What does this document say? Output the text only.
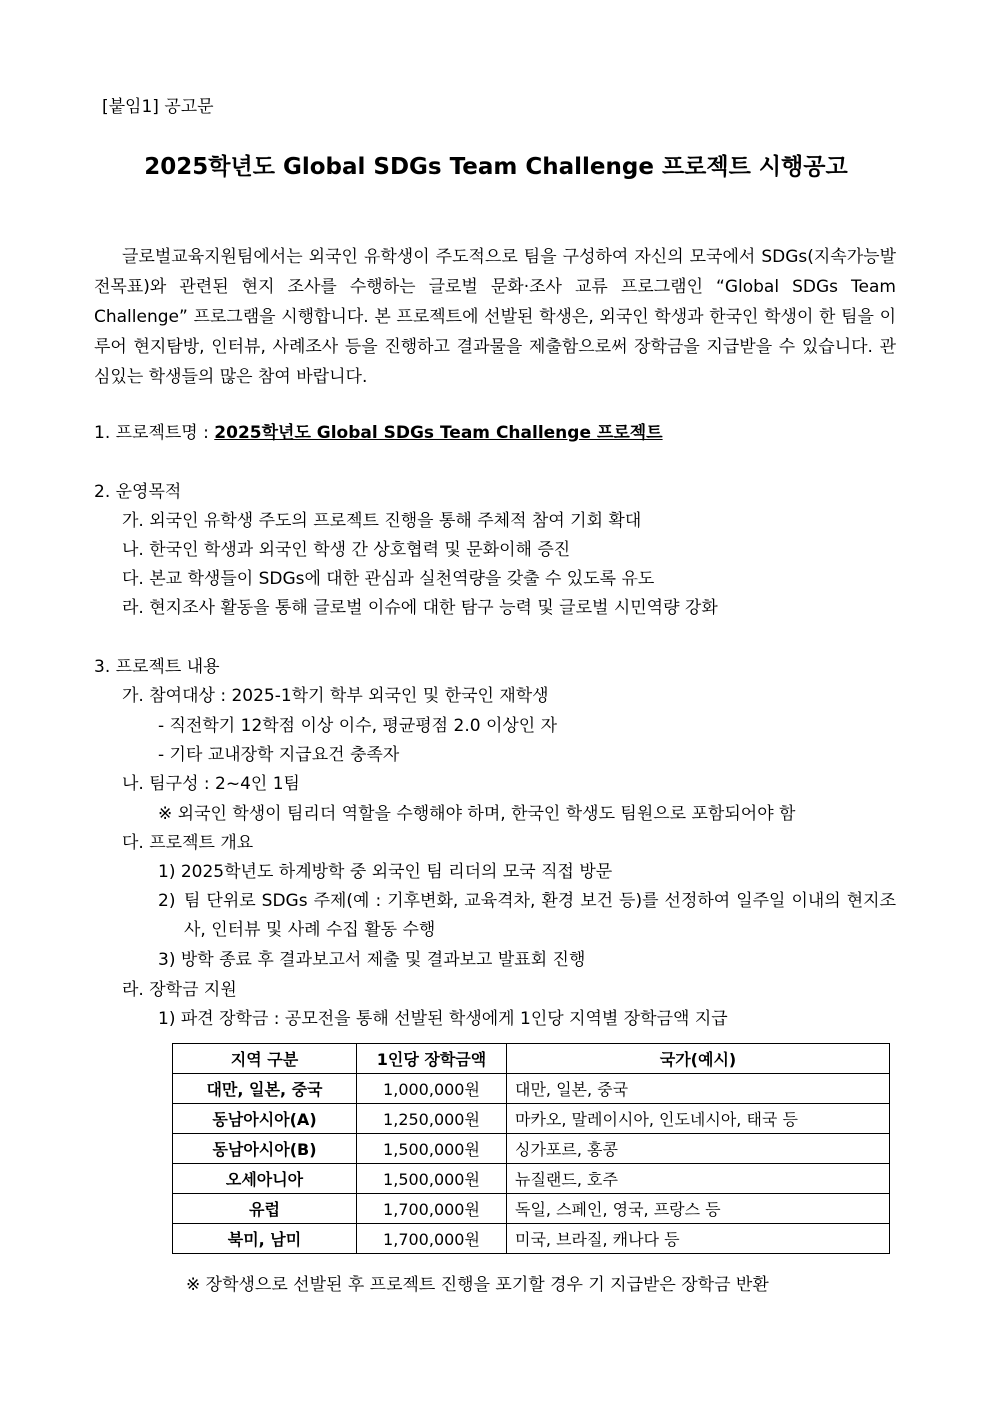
[붙임1] 공고문
2025학년도 Global SDGs Team Challenge 프로젝트 시행공고

글로벌교육지원팀에서는 외국인 유학생이 주도적으로 팀을 구성하여 자신의 모국에서 SDGs(지속가능발전목표)와 관련된 현지 조사를 수행하는 글로벌 문화·조사 교류 프로그램인 “Global SDGs Team Challenge” 프로그램을 시행합니다. 본 프로젝트에 선발된 학생은, 외국인 학생과 한국인 학생이 한 팀을 이루어 현지탐방, 인터뷰, 사례조사 등을 진행하고 결과물을 제출함으로써 장학금을 지급받을 수 있습니다. 관심있는 학생들의 많은 참여 바랍니다.

1. 프로젝트명 : 2025학년도 Global SDGs Team Challenge 프로젝트
2. 운영목적
가. 외국인 유학생 주도의 프로젝트 진행을 통해 주체적 참여 기회 확대
나. 한국인 학생과 외국인 학생 간 상호협력 및 문화이해 증진
다. 본교 학생들이 SDGs에 대한 관심과 실천역량을 갖출 수 있도록 유도
라. 현지조사 활동을 통해 글로벌 이슈에 대한 탐구 능력 및 글로벌 시민역량 강화
3. 프로젝트 내용
가. 참여대상 : 2025-1학기 학부 외국인 및 한국인 재학생
- 직전학기 12학점 이상 이수, 평균평점 2.0 이상인 자
- 기타 교내장학 지급요건 충족자
나. 팀구성 : 2~4인 1팀
※ 외국인 학생이 팀리더 역할을 수행해야 하며, 한국인 학생도 팀원으로 포함되어야 함
다. 프로젝트 개요
1) 2025학년도 하계방학 중 외국인 팀 리더의 모국 직접 방문
2) 팀 단위로 SDGs 주제(예 : 기후변화, 교육격차, 환경 보건 등)를 선정하여 일주일 이내의 현지조사, 인터뷰 및 사례 수집 활동 수행
3) 방학 종료 후 결과보고서 제출 및 결과보고 발표회 진행
라. 장학금 지원
1) 파견 장학금 : 공모전을 통해 선발된 학생에게 1인당 지역별 장학금액 지급
지역 구분	1인당 장학금액	국가(예시)
대만, 일본, 중국	1,000,000원	대만, 일본, 중국
동남아시아(A)	1,250,000원	마카오, 말레이시아, 인도네시아, 태국 등
동남아시아(B)	1,500,000원	싱가포르, 홍콩
오세아니아	1,500,000원	뉴질랜드, 호주
유럽	1,700,000원	독일, 스페인, 영국, 프랑스 등
북미, 남미	1,700,000원	미국, 브라질, 캐나다 등
※ 장학생으로 선발된 후 프로젝트 진행을 포기할 경우 기 지급받은 장학금 반환
